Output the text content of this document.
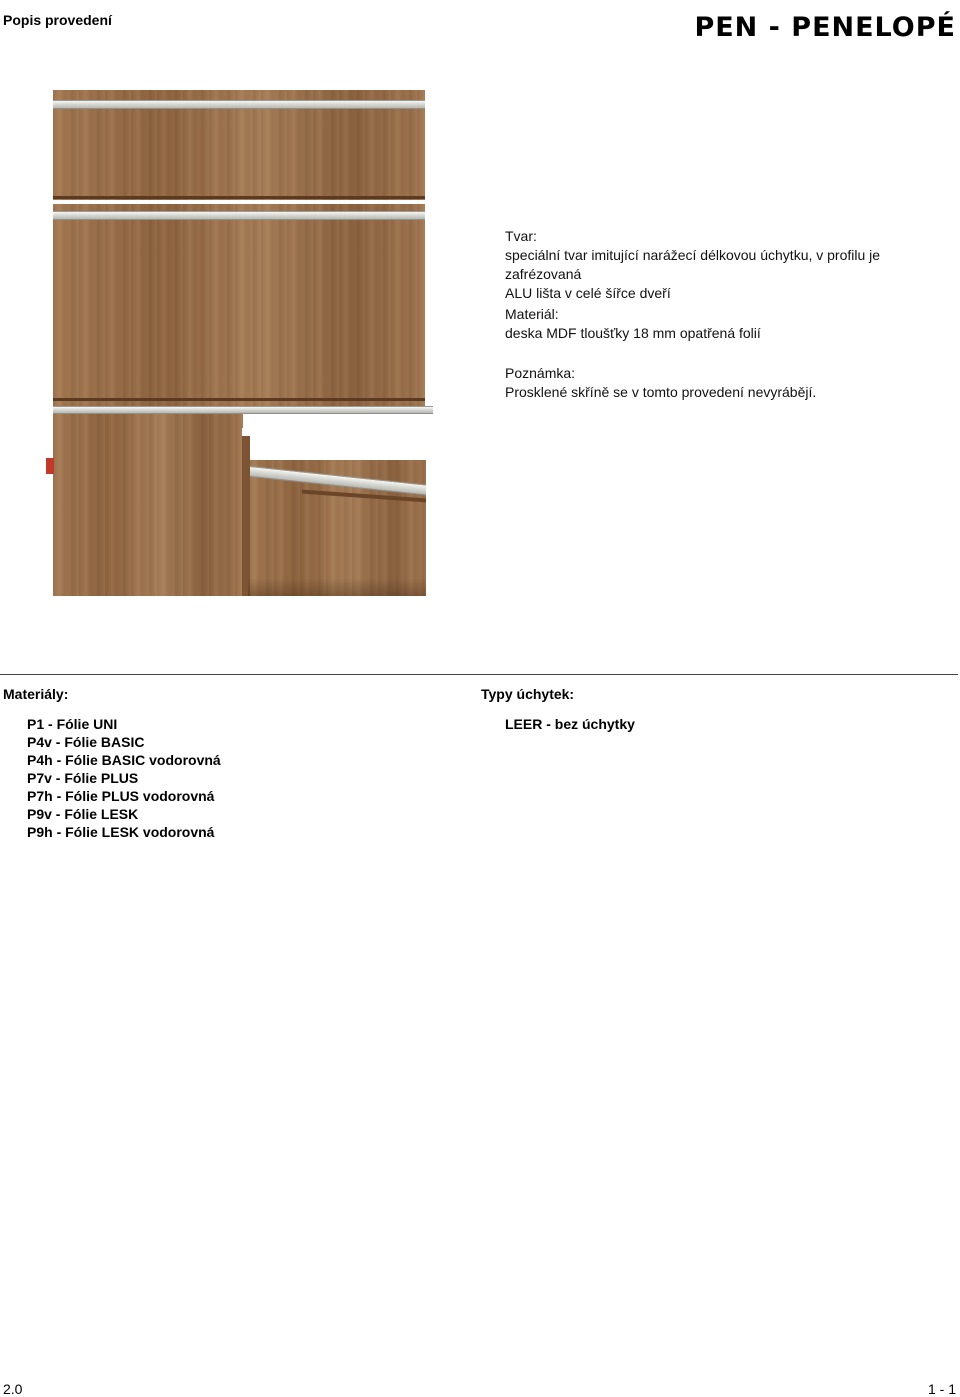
Popis provedení	PEN - PENELOPÉ
Tvar:
speciální tvar imitující narážecí délkovou úchytku, v profilu je zafrézovaná
ALU lišta v celé šířce dveří
Materiál:
deska MDF tloušťky 18 mm opatřená folií
Poznámka:
Prosklené skříně se v tomto provedení nevyrábějí.
Materiály:
P1 - Fólie UNI
P4v - Fólie BASIC
P4h - Fólie BASIC vodorovná
P7v - Fólie PLUS
P7h - Fólie PLUS vodorovná
P9v - Fólie LESK
P9h - Fólie LESK vodorovná
Typy úchytek:
LEER - bez úchytky
2.0	1 - 1
